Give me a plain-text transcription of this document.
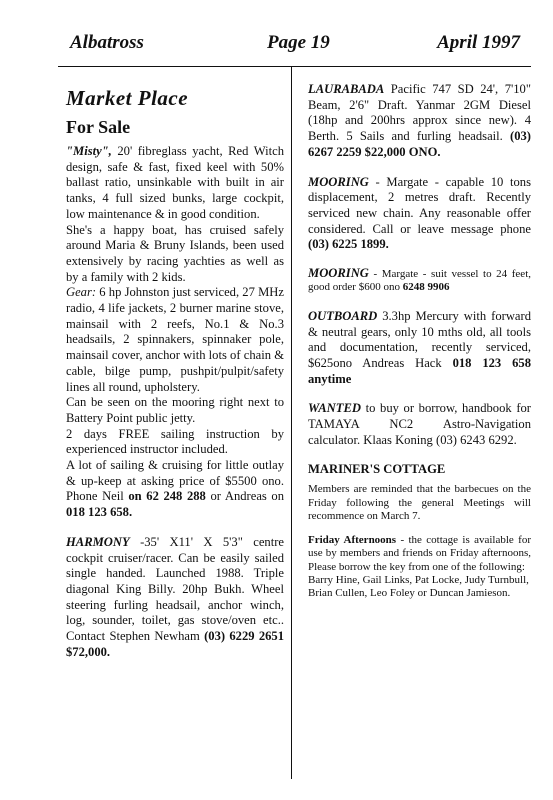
Albatross	Page 19	April 1997
Market Place
For Sale

"Misty", 20' fibreglass yacht, Red Witch design, safe & fast, fixed keel with 50% ballast ratio, unsinkable with built in air tanks, 4 full sized bunks, large cockpit, low maintenance & in good condition.

She's a happy boat, has cruised safely around Maria & Bruny Islands, been used extensively by racing yachties as well as by a family with 2 kids.

Gear: 6 hp Johnston just serviced, 27 MHz radio, 4 life jackets, 2 burner marine stove, mainsail with 2 reefs, No.1 & No.3 headsails, 2 spinnakers, spinnaker pole, mainsail cover, anchor with lots of chain & cable, bilge pump, pushpit/pulpit/safety lines all round, upholstery.

Can be seen on the mooring right next to Battery Point public jetty.

2 days FREE sailing instruction by experienced instructor included.

A lot of sailing & cruising for little outlay & up-keep at asking price of $5500 ono. Phone Neil on 62 248 288 or Andreas on 018 123 658.

HARMONY -35' X11' X 5'3" centre cockpit cruiser/racer. Can be easily sailed single handed. Launched 1988. Triple diagonal King Billy. 20hp Bukh. Wheel steering furling headsail, anchor winch, log, sounder, toilet, gas stove/oven etc.. Contact Stephen Newham (03) 6229 2651 $72,000.

LAURABADA Pacific 747 SD 24', 7'10" Beam, 2'6" Draft. Yanmar 2GM Diesel (18hp and 200hrs approx since new). 4 Berth. 5 Sails and furling headsail. (03) 6267 2259 $22,000 ONO.

MOORING - Margate - capable 10 tons displacement, 2 metres draft. Recently serviced new chain. Any reasonable offer considered. Call or leave message phone (03) 6225 1899.

MOORING - Margate - suit vessel to 24 feet, good order $600 ono 6248 9906

OUTBOARD 3.3hp Mercury with forward & neutral gears, only 10 mths old, all tools and documentation, recently serviced, $625ono Andreas Hack 018 123 658 anytime

WANTED to buy or borrow, handbook for TAMAYA NC2 Astro-Navigation calculator. Klaas Koning (03) 6243 6292.

MARINER'S COTTAGE

Members are reminded that the barbecues on the Friday following the general Meetings will recommence on March 7.

Friday Afternoons - the cottage is available for use by members and friends on Friday afternoons, Please borrow the key from one of the following:

Barry Hine, Gail Links, Pat Locke, Judy Turnbull, Brian Cullen, Leo Foley or Duncan Jamieson.
